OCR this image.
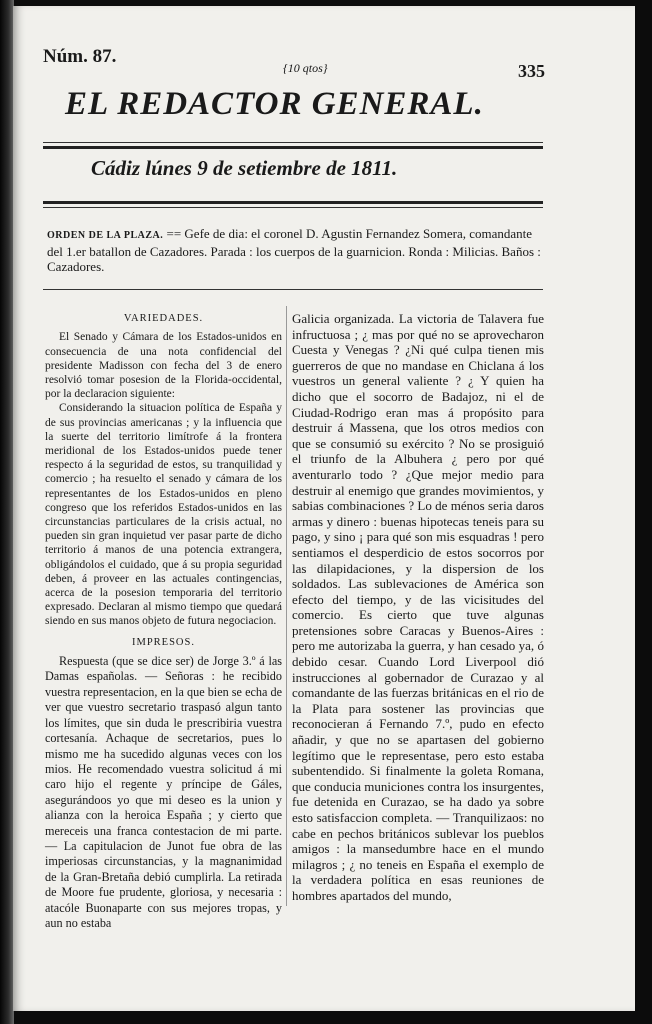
Núm. 87.
{10 qtos}	335
EL REDACTOR GENERAL.
Cádiz lúnes 9 de setiembre de 1811.
ORDEN DE LA PLAZA. == Gefe de dia: el coronel D. Agustin Fernandez Somera, comandante del 1.er batallon de Cazadores. Parada : los cuerpos de la guarnicion. Ronda : Milicias. Baños : Cazadores.
VARIEDADES.

El Senado y Cámara de los Estados-unidos en consecuencia de una nota confidencial del presidente Madisson con fecha del 3 de enero resolvió tomar posesion de la Florida-occidental, por la declaracion siguiente:

Considerando la situacion política de España y de sus provincias americanas ; y la influencia que la suerte del territorio limítrofe á la frontera meridional de los Estados-unidos puede tener respecto á la seguridad de estos, su tranquilidad y comercio ; ha resuelto el senado y cámara de los representantes de los Estados-unidos en pleno congreso que los referidos Estados-unidos en las circunstancias particulares de la crisis actual, no pueden sin gran inquietud ver pasar parte de dicho territorio á manos de una potencia extrangera, obligándolos el cuidado, que á su propia seguridad deben, á proveer en las actuales contingencias, acerca de la posesion temporaria del territorio expresado. Declaran al mismo tiempo que quedará siendo en sus manos objeto de futura negociacion.

IMPRESOS.

Respuesta (que se dice ser) de Jorge 3.º á las Damas españolas. — Señoras : he recibido vuestra representacion, en la que bien se echa de ver que vuestro secretario traspasó algun tanto los límites, que sin duda le prescribiria vuestra cortesanía. Achaque de secretarios, pues lo mismo me ha sucedido algunas veces con los mios. He recomendado vuestra solicitud á mi caro hijo el regente y príncipe de Gáles, asegurándoos yo que mi deseo es la union y alianza con la heroica España ; y cierto que mereceis una franca contestacion de mi parte. — La capitulacion de Junot fue obra de las imperiosas circunstancias, y la magnanimidad de la Gran-Bretaña debió cumplirla. La retirada de Moore fue prudente, gloriosa, y necesaria : atacóle Buonaparte con sus mejores tropas, y aun no estaba

Galicia organizada. La victoria de Talavera fue infructuosa ; ¿ mas por qué no se aprovecharon Cuesta y Venegas ? ¿Ni qué culpa tienen mis guerreros de que no mandase en Chiclana á los vuestros un general valiente ? ¿ Y quien ha dicho que el socorro de Badajoz, ni el de Ciudad-Rodrigo eran mas á propósito para destruir á Massena, que los otros medios con que se consumió su exército ? No se prosiguió el triunfo de la Albuhera ¿ pero por qué aventurarlo todo ? ¿Que mejor medio para destruir al enemigo que grandes movimientos, y sabias combinaciones ? Lo de ménos seria daros armas y dinero : buenas hipotecas teneis para su pago, y sino ¡ para qué son mis esquadras ! pero sentiamos el desperdicio de estos socorros por las dilapidaciones, y la dispersion de los soldados. Las sublevaciones de América son efecto del tiempo, y de las vicisitudes del comercio. Es cierto que tuve algunas pretensiones sobre Caracas y Buenos-Aires : pero me autorizaba la guerra, y han cesado ya, ó debido cesar. Cuando Lord Liverpool dió instrucciones al gobernador de Curazao y al comandante de las fuerzas británicas en el rio de la Plata para sostener las provincias que reconocieran á Fernando 7.º, pudo en efecto añadir, y que no se apartasen del gobierno legítimo que le representase, pero esto estaba subentendido. Si finalmente la goleta Romana, que conducia municiones contra los insurgentes, fue detenida en Curazao, se ha dado ya sobre esto satisfaccion completa. — Tranquilizaos: no cabe en pechos británicos sublevar los pueblos amigos : la mansedumbre hace en el mundo milagros ; ¿ no teneis en España el exemplo de la verdadera política en esas reuniones de hombres apartados del mundo,
